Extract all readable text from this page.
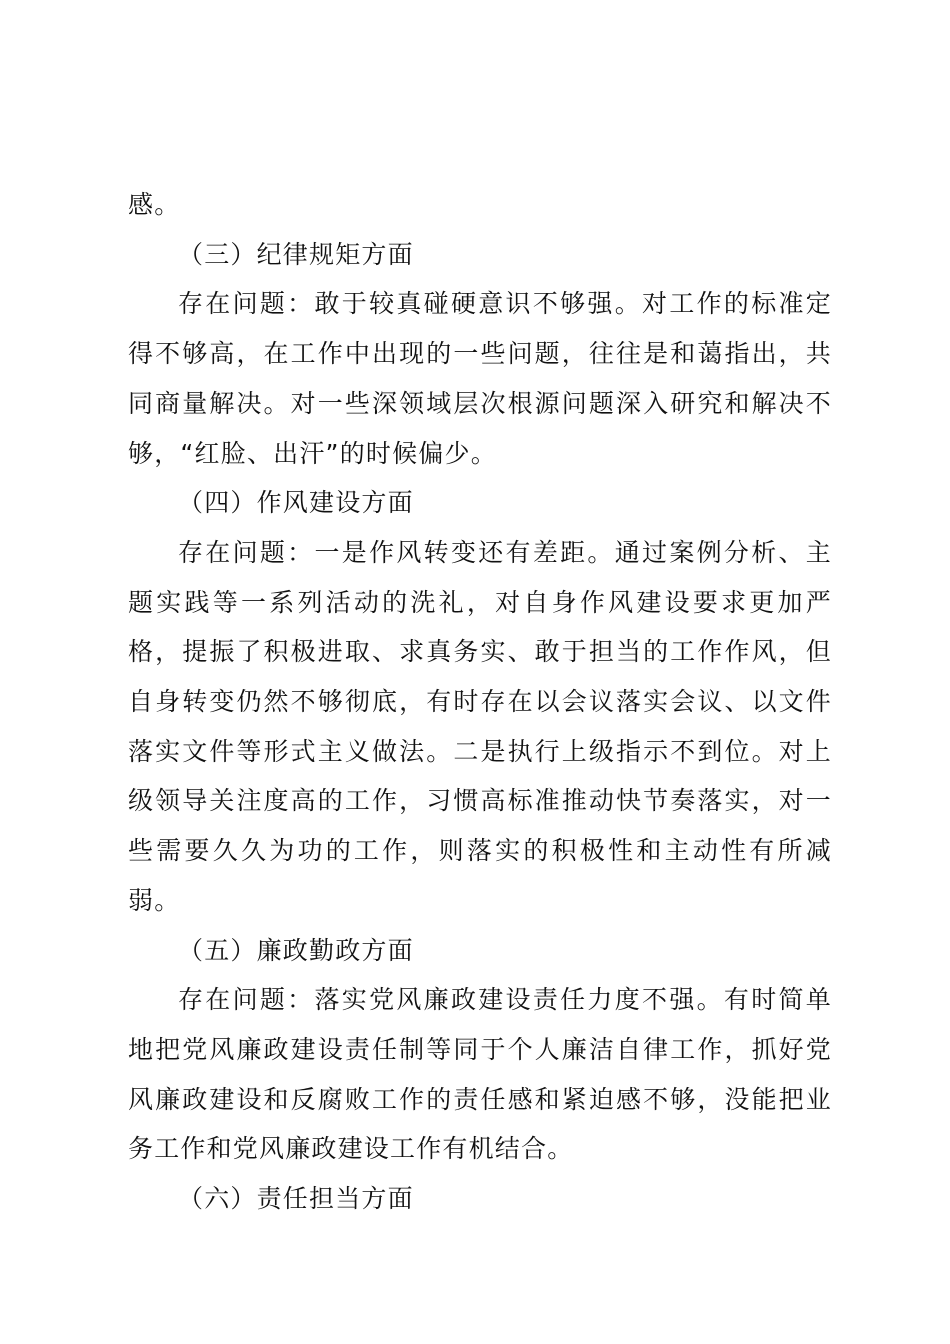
感。

（三）纪律规矩方面

存在问题：敢于较真碰硬意识不够强。对工作的标准定得不够高，在工作中出现的一些问题，往往是和蔼指出，共同商量解决。对一些深领域层次根源问题深入研究和解决不够，“红脸、出汗”的时候偏少。

（四）作风建设方面

存在问题：一是作风转变还有差距。通过案例分析、主题实践等一系列活动的洗礼，对自身作风建设要求更加严格，提振了积极进取、求真务实、敢于担当的工作作风，但自身转变仍然不够彻底，有时存在以会议落实会议、以文件落实文件等形式主义做法。二是执行上级指示不到位。对上级领导关注度高的工作，习惯高标准推动快节奏落实，对一些需要久久为功的工作，则落实的积极性和主动性有所减弱。

（五）廉政勤政方面

存在问题：落实党风廉政建设责任力度不强。有时简单地把党风廉政建设责任制等同于个人廉洁自律工作，抓好党风廉政建设和反腐败工作的责任感和紧迫感不够，没能把业务工作和党风廉政建设工作有机结合。

（六）责任担当方面
